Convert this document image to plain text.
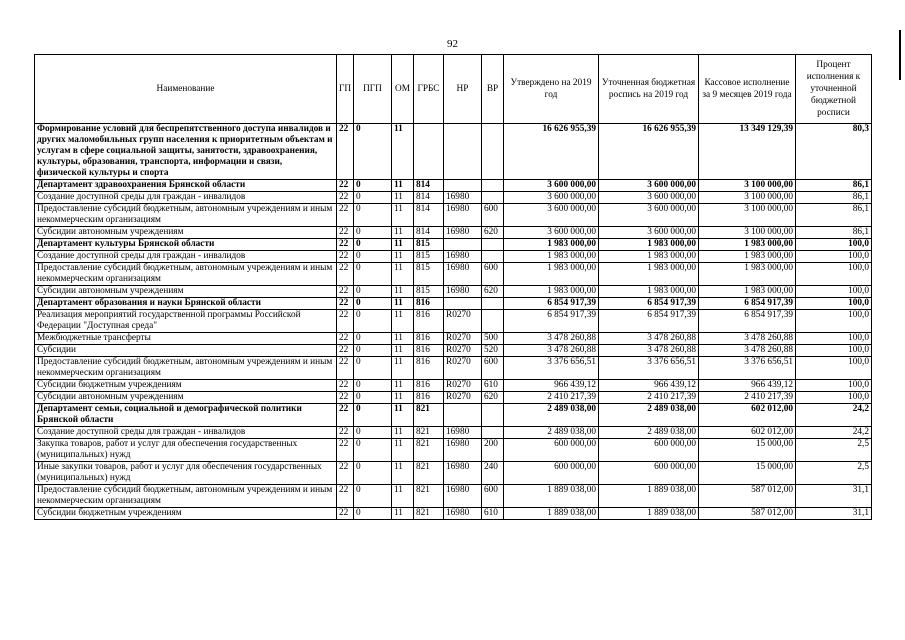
92
Наименование	ГП	ПГП	ОМ	ГРБС	НР	ВР	Утверждено на 2019 год	Уточненная бюджетная роспись на 2019 год	Кассовое исполнение за 9 месяцев 2019 года	Процент исполнения к уточненной бюджетной росписи
Формирование условий для беспрепятственного доступа инвалидов и других маломобильных групп населения к приоритетным объектам и услугам в сфере социальной защиты, занятости, здравоохранения, культуры, образования, транспорта, информации и связи, физической культуры и спорта	22	0	11				16 626 955,39	16 626 955,39	13 349 129,39	80,3
Департамент здравоохранения Брянской области	22	0	11	814			3 600 000,00	3 600 000,00	3 100 000,00	86,1
Создание доступной среды для граждан - инвалидов	22	0	11	814	16980		3 600 000,00	3 600 000,00	3 100 000,00	86,1
Предоставление субсидий бюджетным, автономным учреждениям и иным некоммерческим организациям	22	0	11	814	16980	600	3 600 000,00	3 600 000,00	3 100 000,00	86,1
Субсидии автономным учреждениям	22	0	11	814	16980	620	3 600 000,00	3 600 000,00	3 100 000,00	86,1
Департамент культуры Брянской области	22	0	11	815			1 983 000,00	1 983 000,00	1 983 000,00	100,0
Создание доступной среды для граждан - инвалидов	22	0	11	815	16980		1 983 000,00	1 983 000,00	1 983 000,00	100,0
Предоставление субсидий бюджетным, автономным учреждениям и иным некоммерческим организациям	22	0	11	815	16980	600	1 983 000,00	1 983 000,00	1 983 000,00	100,0
Субсидии автономным учреждениям	22	0	11	815	16980	620	1 983 000,00	1 983 000,00	1 983 000,00	100,0
Департамент образования и науки Брянской области	22	0	11	816			6 854 917,39	6 854 917,39	6 854 917,39	100,0
Реализация мероприятий государственной программы Российской Федерации "Доступная среда"	22	0	11	816	R0270		6 854 917,39	6 854 917,39	6 854 917,39	100,0
Межбюджетные трансферты	22	0	11	816	R0270	500	3 478 260,88	3 478 260,88	3 478 260,88	100,0
Субсидии	22	0	11	816	R0270	520	3 478 260,88	3 478 260,88	3 478 260,88	100,0
Предоставление субсидий бюджетным, автономным учреждениям и иным некоммерческим организациям	22	0	11	816	R0270	600	3 376 656,51	3 376 656,51	3 376 656,51	100,0
Субсидии бюджетным учреждениям	22	0	11	816	R0270	610	966 439,12	966 439,12	966 439,12	100,0
Субсидии автономным учреждениям	22	0	11	816	R0270	620	2 410 217,39	2 410 217,39	2 410 217,39	100,0
Департамент семьи, социальной и демографической политики Брянской области	22	0	11	821			2 489 038,00	2 489 038,00	602 012,00	24,2
Создание доступной среды для граждан - инвалидов	22	0	11	821	16980		2 489 038,00	2 489 038,00	602 012,00	24,2
Закупка товаров, работ и услуг для обеспечения государственных (муниципальных) нужд	22	0	11	821	16980	200	600 000,00	600 000,00	15 000,00	2,5
Иные закупки товаров, работ и услуг для обеспечения государственных (муниципальных) нужд	22	0	11	821	16980	240	600 000,00	600 000,00	15 000,00	2,5
Предоставление субсидий бюджетным, автономным учреждениям и иным некоммерческим организациям	22	0	11	821	16980	600	1 889 038,00	1 889 038,00	587 012,00	31,1
Субсидии бюджетным учреждениям	22	0	11	821	16980	610	1 889 038,00	1 889 038,00	587 012,00	31,1
